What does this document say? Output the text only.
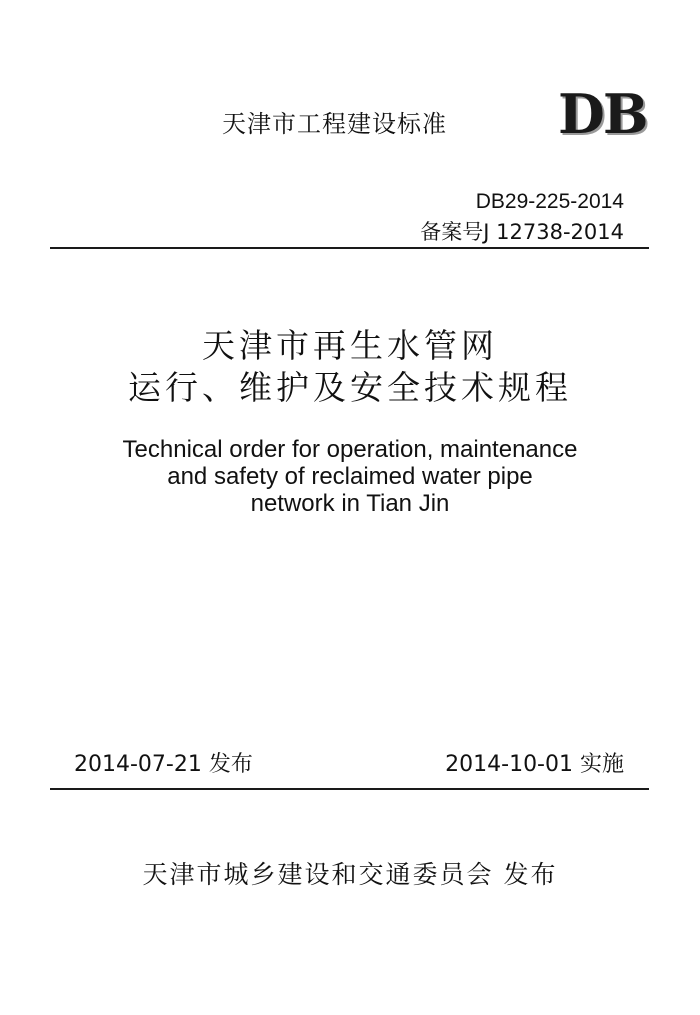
天津市工程建设标准 DB
DB29-225-2014
备案号J 12738-2014
天津市再生水管网
运行、维护及安全技术规程
Technical order for operation, maintenance
and safety of reclaimed water pipe
network in Tian Jin
2014-07-21 发布	2014-10-01 实施
天津市城乡建设和交通委员会 发布
